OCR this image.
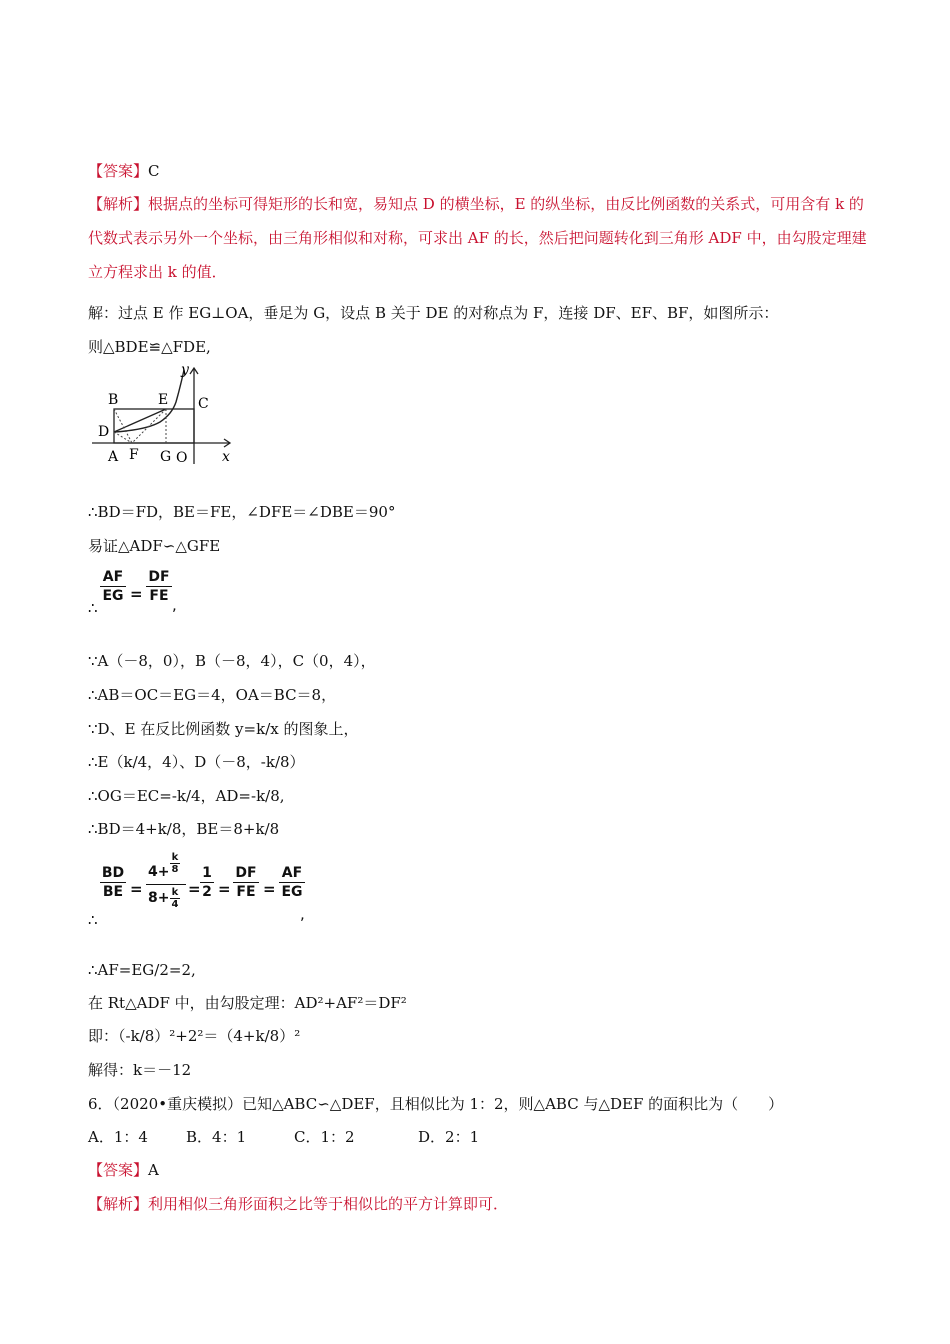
【答案】C
【解析】根据点的坐标可得矩形的长和宽，易知点 D 的横坐标，E 的纵坐标，由反比例函数的关系式，可用含有 k 的代数式表示另外一个坐标，由三角形相似和对称，可求出 AF 的长，然后把问题转化到三角形 ADF 中，由勾股定理建立方程求出 k 的值．
解：过点 E 作 EG⊥OA，垂足为 G，设点 B 关于 DE 的对称点为 F，连接 DF、EF、BF，如图所示：
则△BDE≌△FDE,
y
B	E C
D
A F G O x
∴BD＝FD，BE＝FE，∠DFE＝∠DBE＝90°
易证△ADF∽△GFE
AF
EG =
DF
FE ,
∴
∵A（－8，0），B（－8，4），C（0，4），
∴AB＝OC＝EG＝4，OA＝BC＝8，
∵D、E 在反比例函数 y=k/x 的图象上，
∴E（k/4，4）、D（－8，-k/8）
∴OG＝EC=-k/4，AD=-k/8,
∴BD＝4+k/8，BE＝8+k/8
BD
BE =
$4+ \frac{k}{8}$
$8+ \frac{k}{4}$ =
1
2 =
DF
FE =
AF
EG
,
∴
∴AF=EG/2=2,
在 Rt△ADF 中，由勾股定理：AD²+AF²＝DF²
即：（-k/8）²+2²＝（4+k/8）²
解得：k＝－12
6．（2020•重庆模拟）已知△ABC∽△DEF，且相似比为 1：2，则△ABC 与△DEF 的面积比为（　　）
A．1：4	B．4：1	C．1：2	D．2：1
【答案】A
【解析】利用相似三角形面积之比等于相似比的平方计算即可．
